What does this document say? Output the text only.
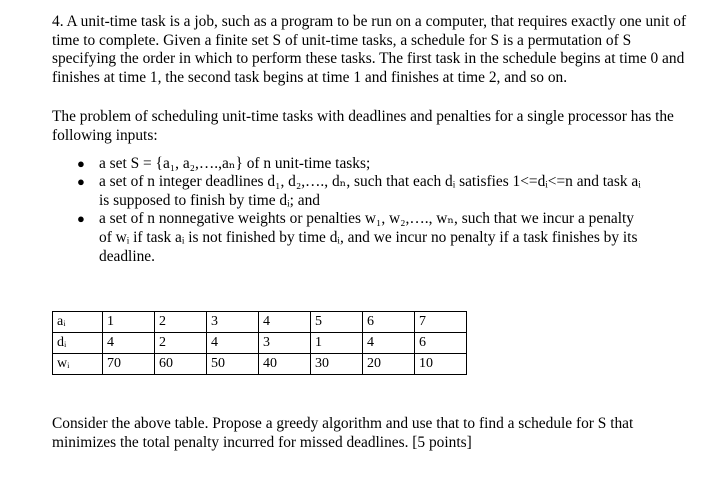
4. A unit-time task is a job, such as a program to be run on a computer, that requires exactly one unit of time to complete. Given a finite set S of unit-time tasks, a schedule for S is a permutation of S specifying the order in which to perform these tasks. The first task in the schedule begins at time 0 and finishes at time 1, the second task begins at time 1 and finishes at time 2, and so on.

The problem of scheduling unit-time tasks with deadlines and penalties for a single processor has the following inputs:

● a set S = {a₁, a₂,….,aₙ} of n unit-time tasks;
● a set of n integer deadlines d₁, d₂,…., dₙ, such that each dᵢ satisfies 1<=dᵢ<=n and task aᵢ is supposed to finish by time dᵢ; and
● a set of n nonnegative weights or penalties w₁, w₂,…., wₙ, such that we incur a penalty of wᵢ if task aᵢ is not finished by time dᵢ, and we incur no penalty if a task finishes by its deadline.
aᵢ	1	2	3	4	5	6	7
dᵢ	4	2	4	3	1	4	6
wᵢ	70	60	50	40	30	20	10

Consider the above table. Propose a greedy algorithm and use that to find a schedule for S that minimizes the total penalty incurred for missed deadlines. [5 points]
